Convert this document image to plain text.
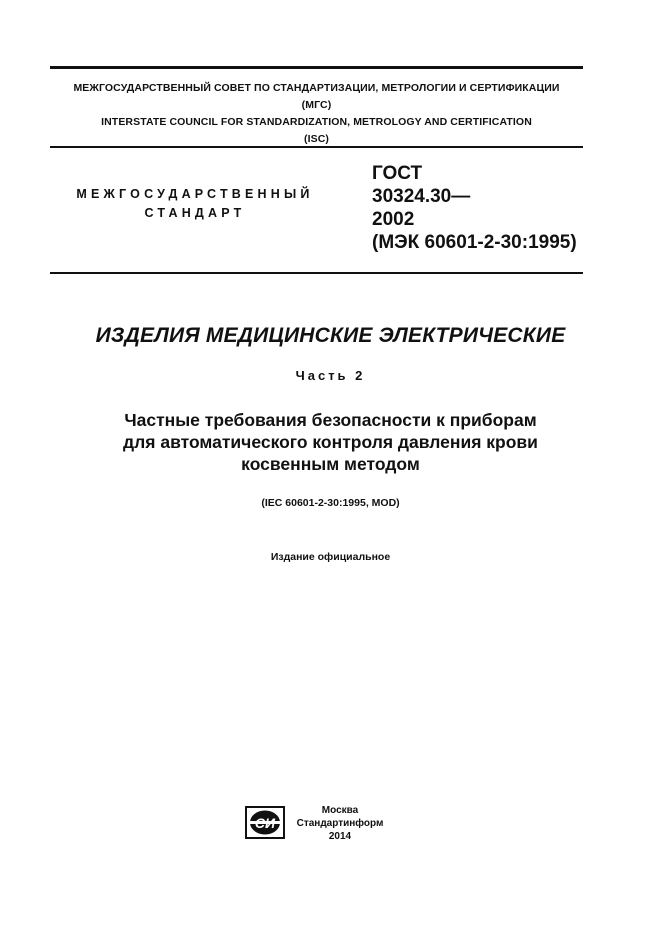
МЕЖГОСУДАРСТВЕННЫЙ СОВЕТ ПО СТАНДАРТИЗАЦИИ, МЕТРОЛОГИИ И СЕРТИФИКАЦИИ
(МГС)
INTERSTATE COUNCIL FOR STANDARDIZATION, METROLOGY AND CERTIFICATION
(ISC)
МЕЖГОСУДАРСТВЕННЫЙ
СТАНДАРТ
ГОСТ
30324.30—
2002
(МЭК 60601-2-30:1995)
ИЗДЕЛИЯ МЕДИЦИНСКИЕ ЭЛЕКТРИЧЕСКИЕ
Часть 2
Частные требования безопасности к приборам
для автоматического контроля давления крови
косвенным методом
(IEC 60601-2-30:1995, MOD)
Издание официальное
СИ
Москва
Стандартинформ
2014
